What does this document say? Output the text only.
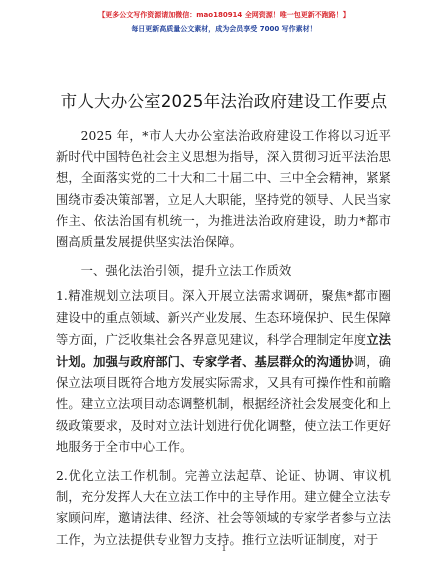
【更多公文写作资源请加微信：mao180914 全网资源！唯一包更新不跑路！】
每日更新高质量公文素材，成为会员享受 7000 写作素材！
市人大办公室2025年法治政府建设工作要点

2025 年，*市人大办公室法治政府建设工作将以习近平新时代中国特色社会主义思想为指导，深入贯彻习近平法治思想，全面落实党的二十大和二十届二中、三中全会精神，紧紧围绕市委决策部署，立足人大职能，坚持党的领导、人民当家作主、依法治国有机统一，为推进法治政府建设，助力*都市圈高质量发展提供坚实法治保障。

一、强化法治引领，提升立法工作质效

1.精准规划立法项目。深入开展立法需求调研，聚焦*都市圈建设中的重点领域、新兴产业发展、生态环境保护、民生保障等方面，广泛收集社会各界意见建议，科学合理制定年度立法计划。加强与政府部门、专家学者、基层群众的沟通协调，确保立法项目既符合地方发展实际需求，又具有可操作性和前瞻性。建立立法项目动态调整机制，根据经济社会发展变化和上级政策要求，及时对立法计划进行优化调整，使立法工作更好地服务于全市中心工作。

2.优化立法工作机制。完善立法起草、论证、协调、审议机制，充分发挥人大在立法工作中的主导作用。建立健全立法专家顾问库，邀请法律、经济、社会等领域的专家学者参与立法工作，为立法提供专业智力支持。推行立法听证制度，对于

1
